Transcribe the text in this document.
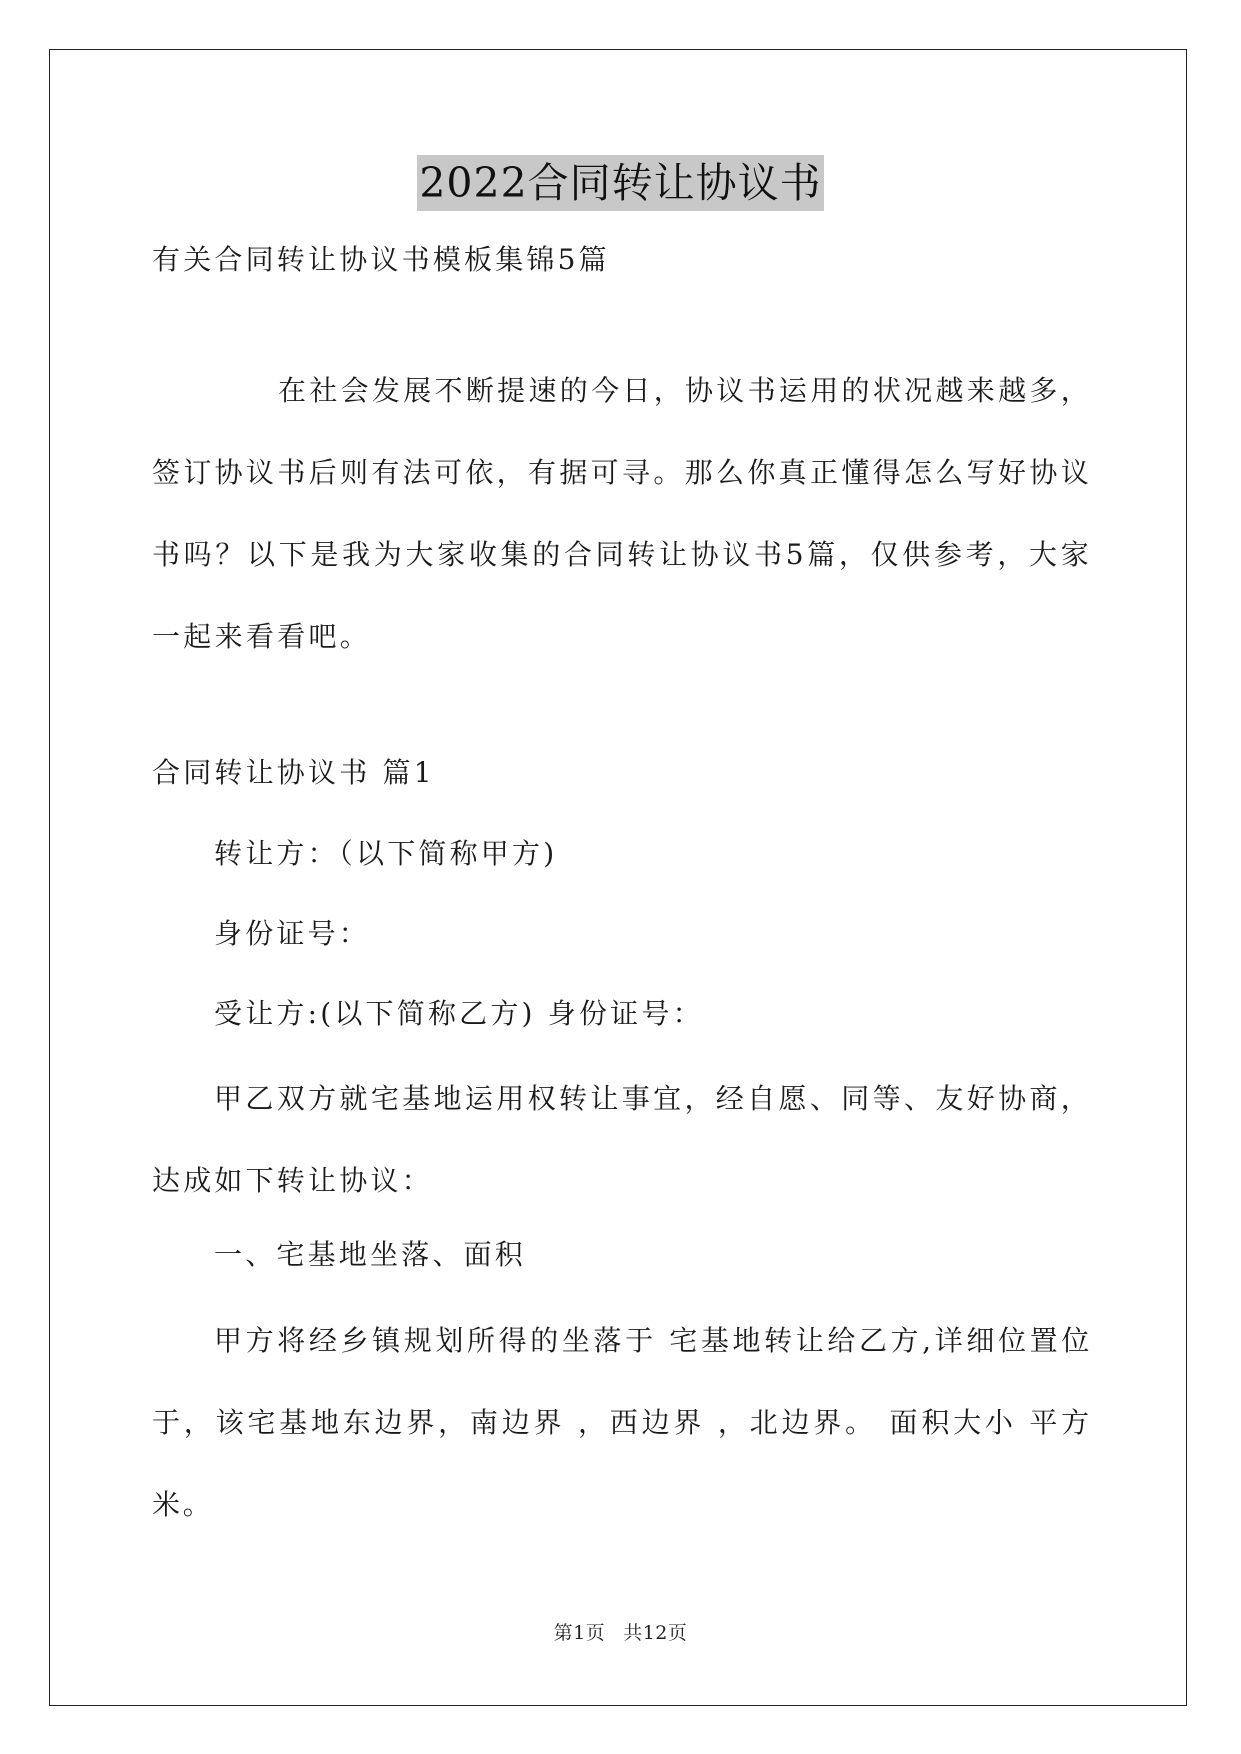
2022合同转让协议书
有关合同转让协议书模板集锦5篇
在社会发展不断提速的今日，协议书运用的状况越来越多，签订协议书后则有法可依，有据可寻。那么你真正懂得怎么写好协议书吗？以下是我为大家收集的合同转让协议书5篇，仅供参考，大家一起来看看吧。
合同转让协议书 篇1
转让方：（以下简称甲方)
身份证号：
受让方:(以下简称乙方) 身份证号：
甲乙双方就宅基地运用权转让事宜，经自愿、同等、友好协商，达成如下转让协议：
一、宅基地坐落、面积
甲方将经乡镇规划所得的坐落于 宅基地转让给乙方,详细位置位于，该宅基地东边界，南边界 ，西边界 ，北边界。 面积大小 平方米。
第1页 共12页
